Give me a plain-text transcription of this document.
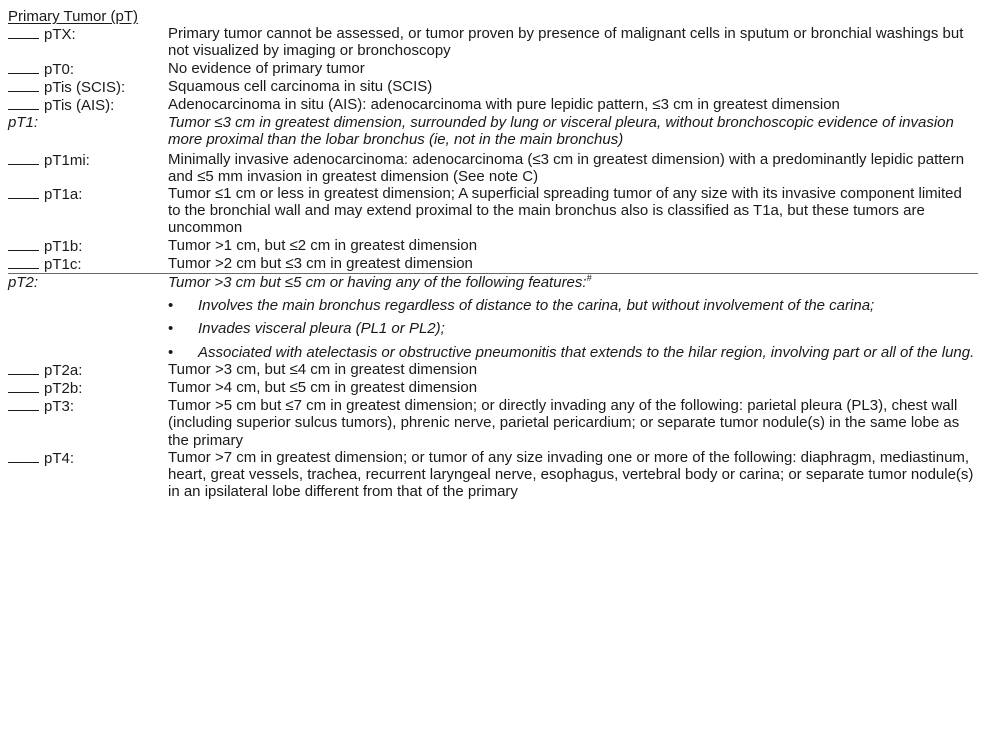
Primary Tumor (pT)
pTX:	Primary tumor cannot be assessed, or tumor proven by presence of malignant cells in sputum or bronchial washings but not visualized by imaging or bronchoscopy
pT0:	No evidence of primary tumor
pTis (SCIS):	Squamous cell carcinoma in situ (SCIS)
pTis (AIS):	Adenocarcinoma in situ (AIS): adenocarcinoma with pure lepidic pattern, ≤3 cm in greatest dimension
pT1:	Tumor ≤3 cm in greatest dimension, surrounded by lung or visceral pleura, without bronchoscopic evidence of invasion more proximal than the lobar bronchus (ie, not in the main bronchus)
pT1mi:	Minimally invasive adenocarcinoma: adenocarcinoma (≤3 cm in greatest dimension) with a predominantly lepidic pattern and ≤5 mm invasion in greatest dimension (See note C)
pT1a:	Tumor ≤1 cm or less in greatest dimension; A superficial spreading tumor of any size with its invasive component limited to the bronchial wall and may extend proximal to the main bronchus also is classified as T1a, but these tumors are uncommon
pT1b:	Tumor >1 cm, but ≤2 cm in greatest dimension
pT1c:	Tumor >2 cm but ≤3 cm in greatest dimension
pT2:	Tumor >3 cm but ≤5 cm or having any of the following features:#
• Involves the main bronchus regardless of distance to the carina, but without involvement of the carina;
• Invades visceral pleura (PL1 or PL2);
• Associated with atelectasis or obstructive pneumonitis that extends to the hilar region, involving part or all of the lung.
pT2a:	Tumor >3 cm, but ≤4 cm in greatest dimension
pT2b:	Tumor >4 cm, but ≤5 cm in greatest dimension
pT3:	Tumor >5 cm but ≤7 cm in greatest dimension; or directly invading any of the following: parietal pleura (PL3), chest wall (including superior sulcus tumors), phrenic nerve, parietal pericardium; or separate tumor nodule(s) in the same lobe as the primary
pT4:	Tumor >7 cm in greatest dimension; or tumor of any size invading one or more of the following: diaphragm, mediastinum, heart, great vessels, trachea, recurrent laryngeal nerve, esophagus, vertebral body or carina; or separate tumor nodule(s) in an ipsilateral lobe different from that of the primary
